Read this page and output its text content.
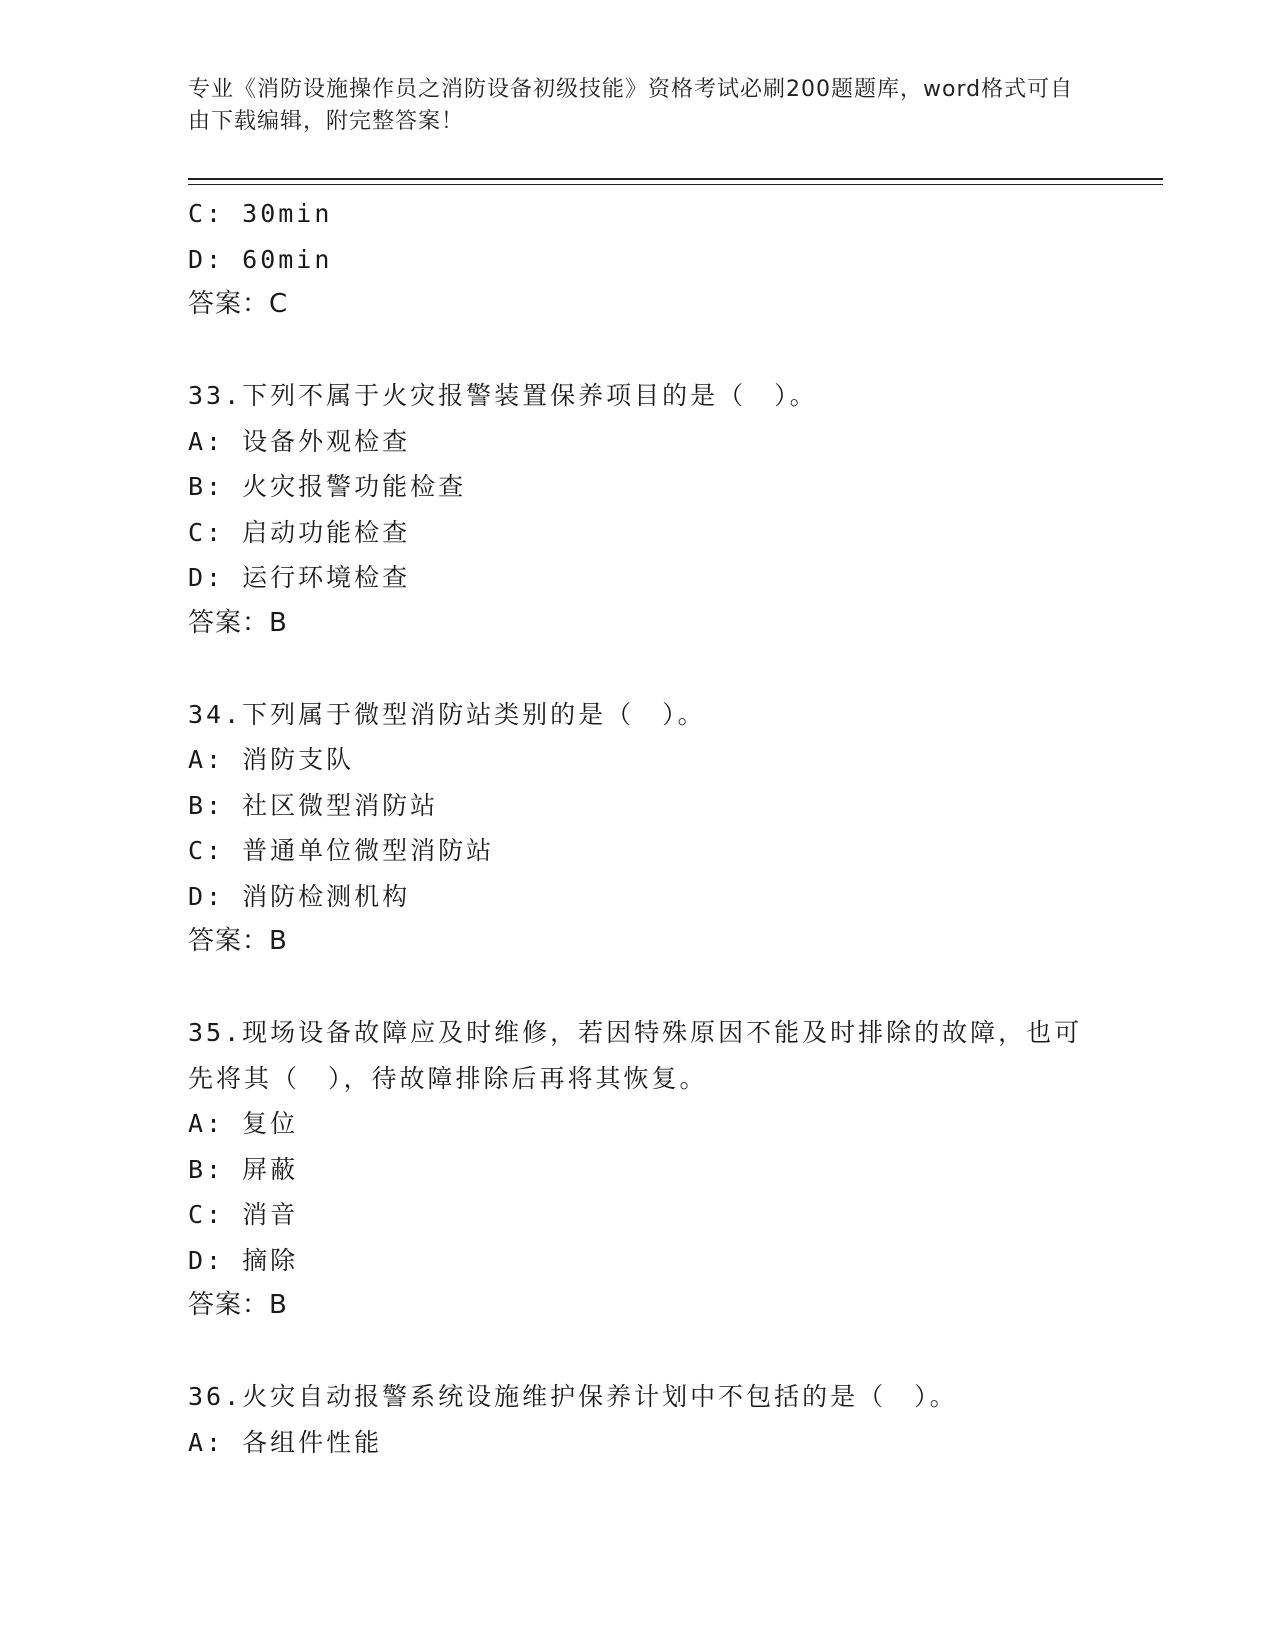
专业《消防设施操作员之消防设备初级技能》资格考试必刷200题题库，word格式可自由下载编辑，附完整答案！
C: 30min
D: 60min
答案：C
33.下列不属于火灾报警装置保养项目的是（　）。
A: 设备外观检查
B: 火灾报警功能检查
C: 启动功能检查
D: 运行环境检查
答案：B
34.下列属于微型消防站类别的是（　）。
A: 消防支队
B: 社区微型消防站
C: 普通单位微型消防站
D: 消防检测机构
答案：B
35.现场设备故障应及时维修，若因特殊原因不能及时排除的故障，也可先将其（　），待故障排除后再将其恢复。
A: 复位
B: 屏蔽
C: 消音
D: 摘除
答案：B
36.火灾自动报警系统设施维护保养计划中不包括的是（　）。
A: 各组件性能
